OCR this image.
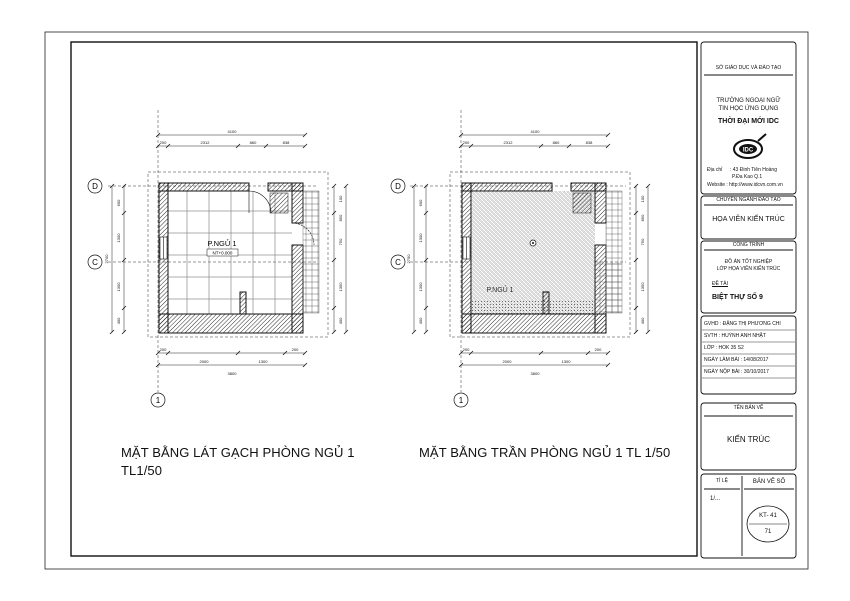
IDC
P.NGỦ 1
NT+0.000
D
C
1
4100
200	2312	860	838
200
2000	1300
200
3800
600
1300
1300
400
2700
100
850
750
1350
400
P.NGỦ 1
D
C
1
4100
200	2312	860	838
200
2000	1300
200
3800
600
1300
1300
400
2700
100
850
750
1350
400
MẶT BẰNG LÁT GẠCH PHÒNG NGỦ 1
TL1/50
MẶT BẰNG TRẦN PHÒNG NGỦ 1 TL 1/50
SỞ GIÁO DỤC VÀ ĐÀO TẠO
TRƯỜNG NGOẠI NGỮ
TIN HỌC ỨNG DỤNG
THỜI ĐẠI MỚI IDC
Địa chỉ : 43 Đinh Tiên Hoàng
P.Đa Kao Q.1
Website : http://www.idcvn.com.vn
CHUYÊN NGÀNH ĐÀO TẠO
HỌA VIÊN KIẾN TRÚC
CÔNG TRÌNH
ĐỒ ÁN TỐT NGHIỆP
LỚP HỌA VIÊN KIẾN TRÚC
ĐỀ TÀI
BIỆT THỰ SỐ 9
GVHD : ĐẶNG THỊ PHƯƠNG CHI
SVTH : HUỲNH ANH NHẬT
LỚP : HOK 35 S2
NGÀY LÀM BÀI : 14/08/2017
NGÀY NỘP BÀI : 30/10/2017
TÊN BẢN VẼ
KIẾN TRÚC
TỈ LỆ
1/...
BẢN VẼ SỐ
KT- 41
71
